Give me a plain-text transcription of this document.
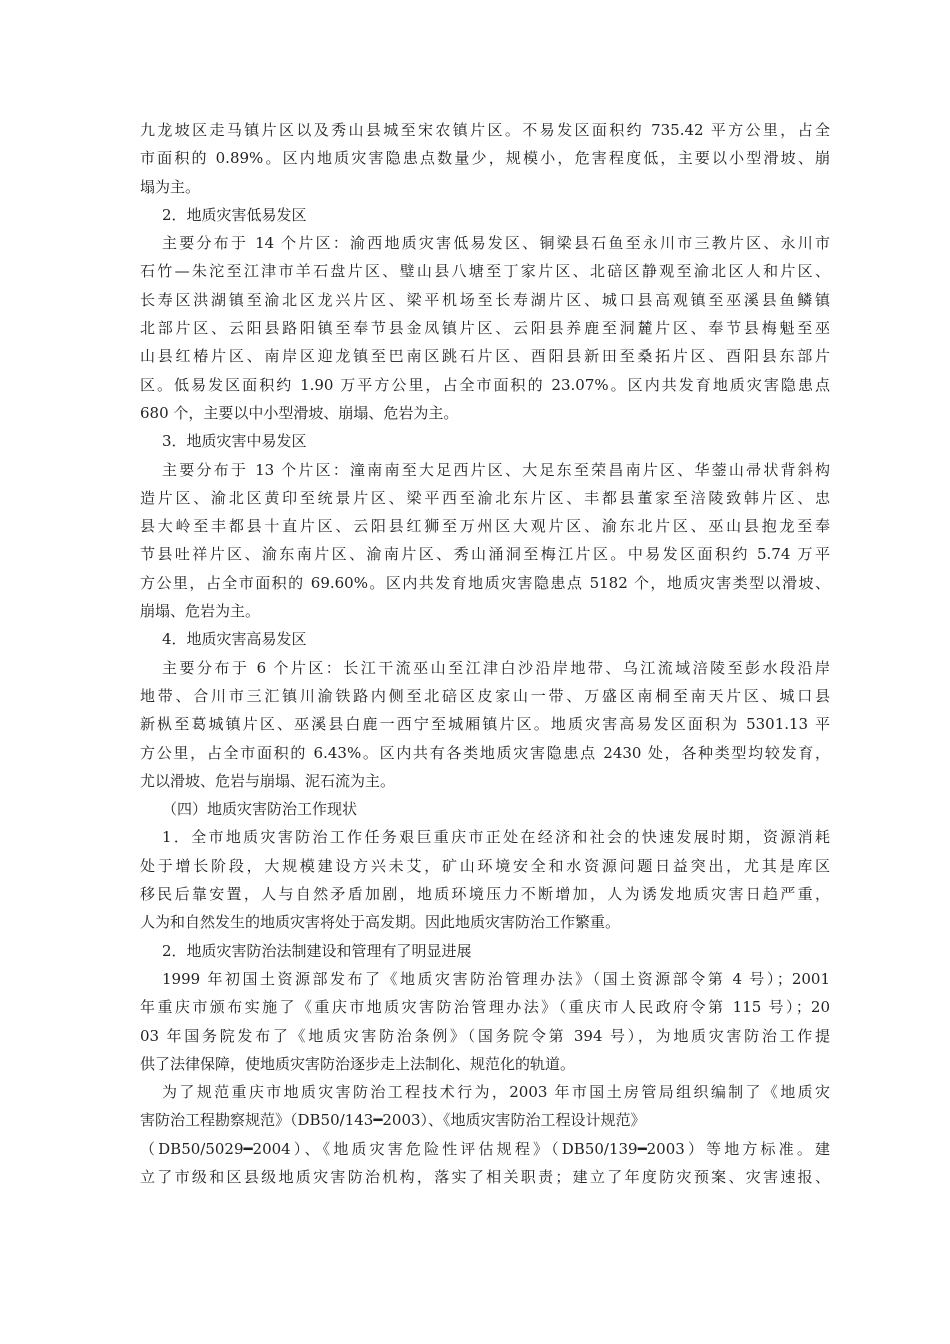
九龙坡区走马镇片区以及秀山县城至宋农镇片区。不易发区面积约 735.42 平方公里，占全
市面积的 0.89%。区内地质灾害隐患点数量少，规模小，危害程度低，主要以小型滑坡、崩
塌为主。
2．地质灾害低易发区
主要分布于 14 个片区：渝西地质灾害低易发区、铜梁县石鱼至永川市三教片区、永川市
石竹—朱沱至江津市羊石盘片区、璧山县八塘至丁家片区、北碚区静观至渝北区人和片区、
长寿区洪湖镇至渝北区龙兴片区、梁平机场至长寿湖片区、城口县高观镇至巫溪县鱼鳞镇
北部片区、云阳县路阳镇至奉节县金凤镇片区、云阳县养鹿至洞麓片区、奉节县梅魁至巫
山县红椿片区、南岸区迎龙镇至巴南区跳石片区、酉阳县新田至桑拓片区、酉阳县东部片
区。低易发区面积约 1.90 万平方公里，占全市面积的 23.07%。区内共发育地质灾害隐患点
680 个，主要以中小型滑坡、崩塌、危岩为主。
3．地质灾害中易发区
主要分布于 13 个片区：潼南南至大足西片区、大足东至荣昌南片区、华蓥山帚状背斜构
造片区、渝北区黄印至统景片区、梁平西至渝北东片区、丰都县董家至涪陵致韩片区、忠
县大岭至丰都县十直片区、云阳县红狮至万州区大观片区、渝东北片区、巫山县抱龙至奉
节县吐祥片区、渝东南片区、渝南片区、秀山涌洞至梅江片区。中易发区面积约 5.74 万平
方公里，占全市面积的 69.60%。区内共发育地质灾害隐患点 5182 个，地质灾害类型以滑坡、
崩塌、危岩为主。
4．地质灾害高易发区
主要分布于 6 个片区：长江干流巫山至江津白沙沿岸地带、乌江流域涪陵至彭水段沿岸
地带、合川市三汇镇川渝铁路内侧至北碚区皮家山一带、万盛区南桐至南天片区、城口县
新枞至葛城镇片区、巫溪县白鹿一西宁至城厢镇片区。地质灾害高易发区面积为 5301.13 平
方公里，占全市面积的 6.43%。区内共有各类地质灾害隐患点 2430 处，各种类型均较发育，
尤以滑坡、危岩与崩塌、泥石流为主。
（四）地质灾害防治工作现状
1．全市地质灾害防治工作任务艰巨重庆市正处在经济和社会的快速发展时期，资源消耗
处于增长阶段，大规模建设方兴未艾，矿山环境安全和水资源问题日益突出，尤其是库区
移民后靠安置，人与自然矛盾加剧，地质环境压力不断增加，人为诱发地质灾害日趋严重，
人为和自然发生的地质灾害将处于高发期。因此地质灾害防治工作繁重。
2．地质灾害防治法制建设和管理有了明显进展
1999 年初国土资源部发布了《地质灾害防治管理办法》（国土资源部令第 4 号）；2001
年重庆市颁布实施了《重庆市地质灾害防治管理办法》（重庆市人民政府令第 115 号）；20
03 年国务院发布了《地质灾害防治条例》（国务院令第 394 号），为地质灾害防治工作提
供了法律保障，使地质灾害防治逐步走上法制化、规范化的轨道。
为了规范重庆市地质灾害防治工程技术行为，2003 年市国土房管局组织编制了《地质灾
害防治工程勘察规范》（DB50/143━2003）、《地质灾害防治工程设计规范》
（DB50/5029━2004）、《地质灾害危险性评估规程》（DB50/139━2003）等地方标准。建
立了市级和区县级地质灾害防治机构，落实了相关职责；建立了年度防灾预案、灾害速报、
